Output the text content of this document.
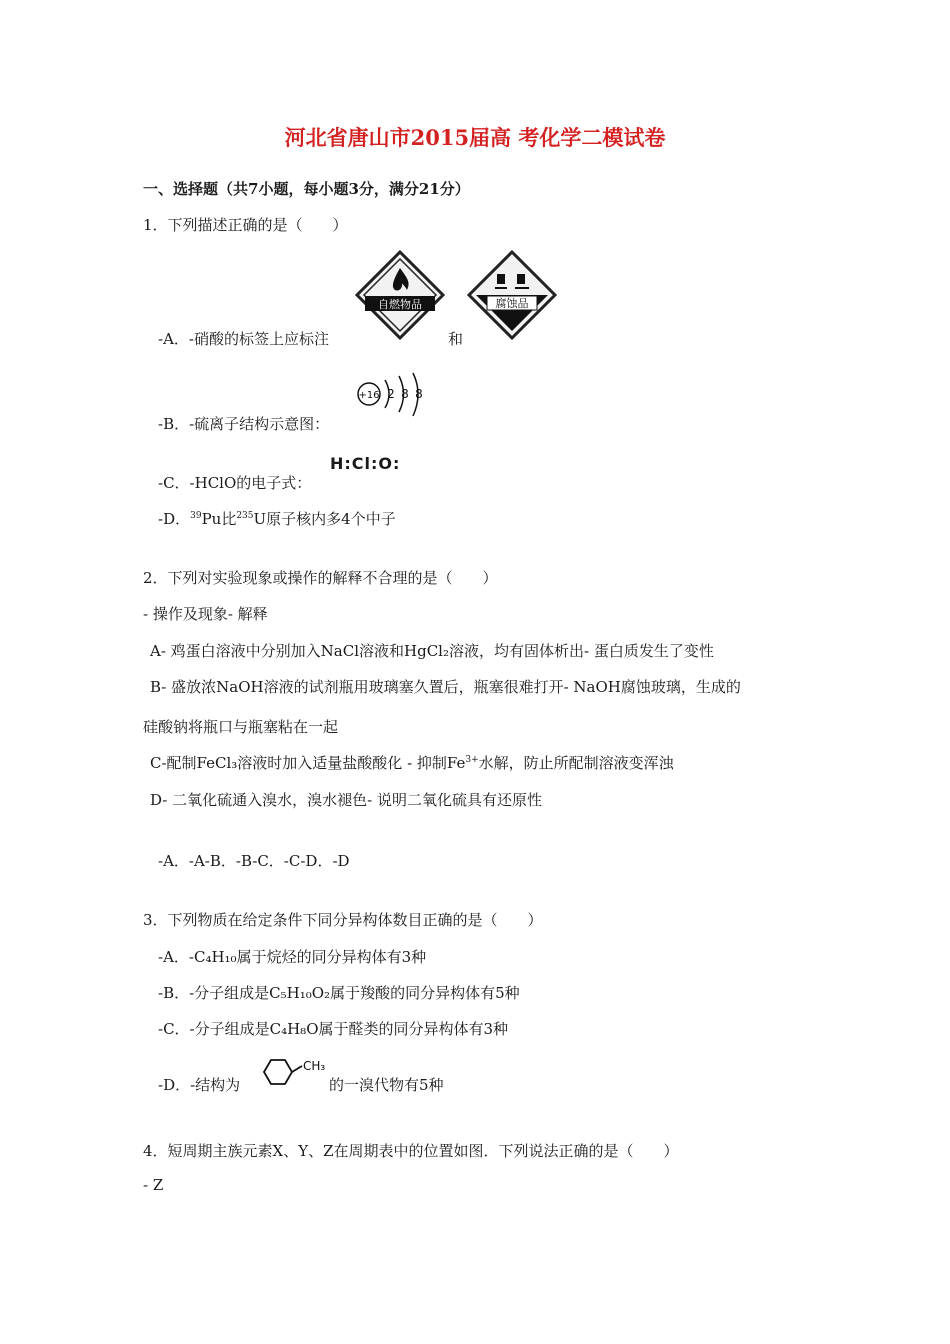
河北省唐山市2015届高 考化学二模试卷
一、选择题（共7小题，每小题3分，满分21分）
1．下列描述正确的是（　　）
自燃物品	腐蚀品
-A．-硝酸的标签上应标注	和
+16 2 8 8
-B．-硫离子结构示意图：
-C．-HClO的电子式：
H:Cl:O:
-D．$^{39}$Pu比$^{235}$U原子核内多4个中子
2．下列对实验现象或操作的解释不合理的是（　　）
- 操作及现象- 解释
A- 鸡蛋白溶液中分别加入NaCl溶液和HgCl₂溶液，均有固体析出- 蛋白质发生了变性
B- 盛放浓NaOH溶液的试剂瓶用玻璃塞久置后，瓶塞很难打开- NaOH腐蚀玻璃，生成的
硅酸钠将瓶口与瓶塞粘在一起
C-配制FeCl₃溶液时加入适量盐酸酸化 - 抑制$Fe^{3+}$水解，防止所配制溶液变浑浊
D- 二氧化硫通入溴水，溴水褪色- 说明二氧化硫具有还原性
-A．-A-B．-B-C．-C-D．-D
3．下列物质在给定条件下同分异构体数目正确的是（　　）
-A．-C₄H₁₀属于烷烃的同分异构体有3种
-B．-分子组成是C₅H₁₀O₂属于羧酸的同分异构体有5种
-C．-分子组成是C₄H₈O属于醛类的同分异构体有3种
-D．-结构为
CH₃
的一溴代物有5种
4．短周期主族元素X、Y、Z在周期表中的位置如图．下列说法正确的是（　　）
- Z
